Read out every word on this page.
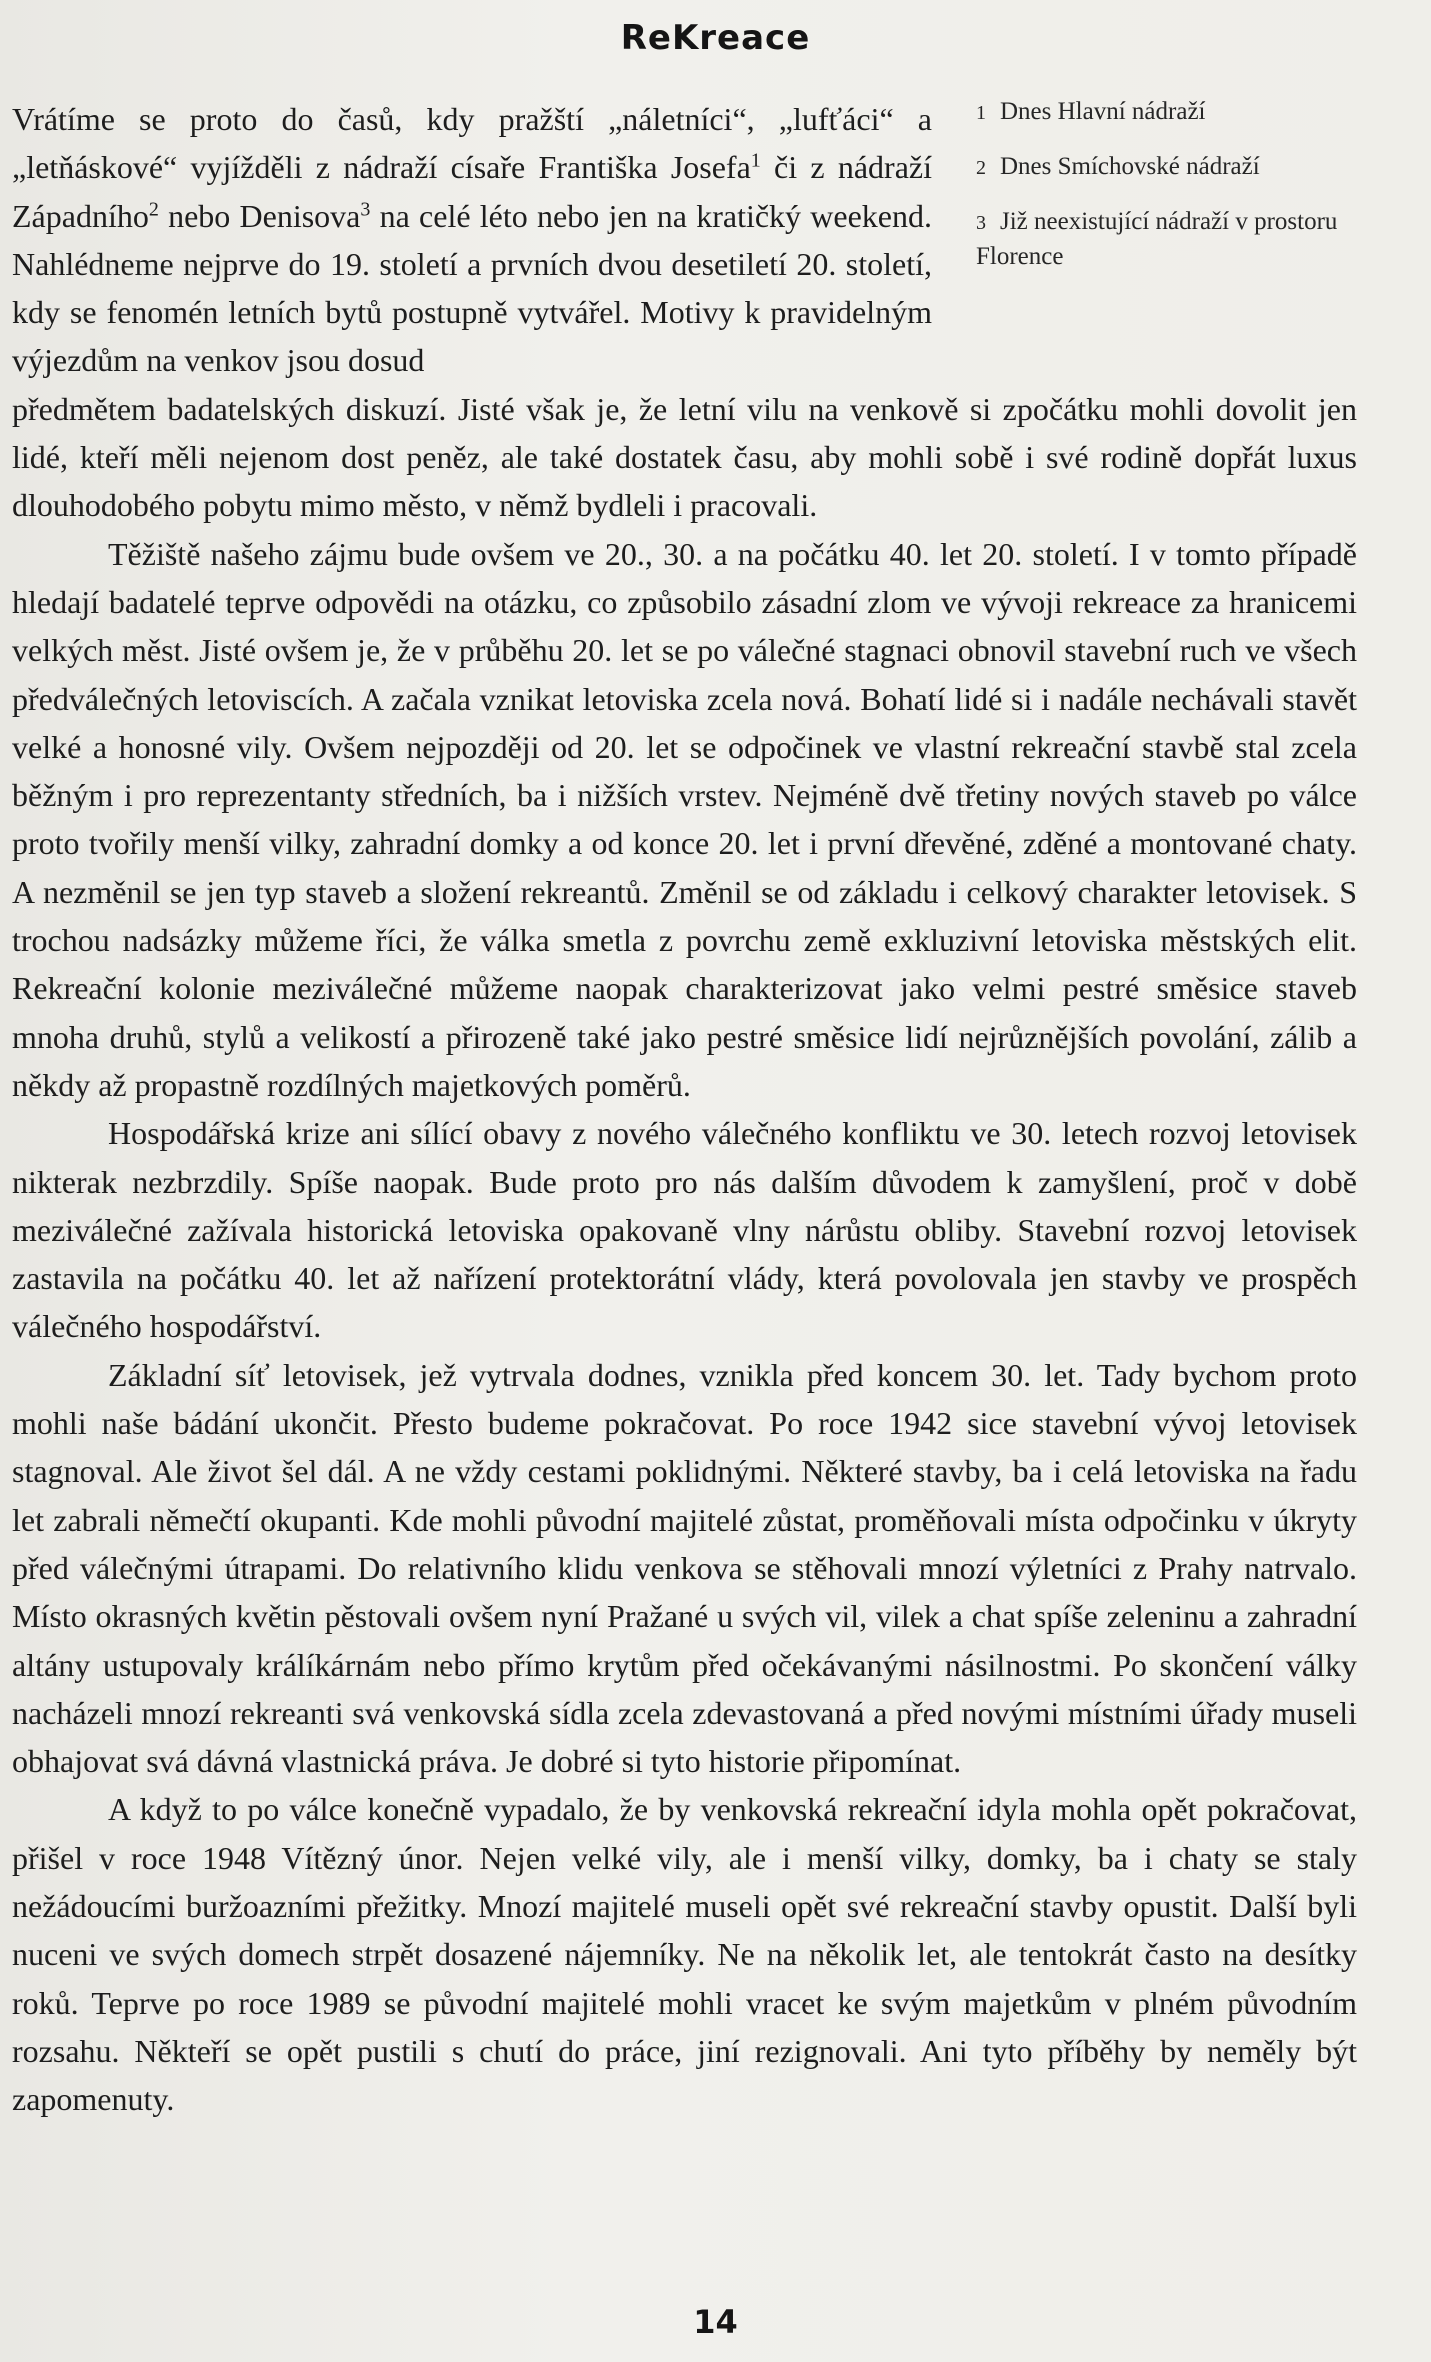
ReKreace

Vrátíme se proto do časů, kdy pražští „náletníci“, „lufťáci“ a „letňáskové“ vyjížděli z nádraží císaře Františka Josefa$^1$ či z nádraží Západního$^2$ nebo Denisova$^3$ na celé léto nebo jen na kratičký weekend. Nahlédneme nejprve do 19. století a prvních dvou desetiletí 20. století, kdy se fenomén letních bytů postupně vytvářel. Motivy k pravidelným výjezdům na venkov jsou dosud

1 Dnes Hlavní nádraží

2 Dnes Smíchovské nádraží

3 Již neexistující nádraží v prostoru Florence

předmětem badatelských diskuzí. Jisté však je, že letní vilu na venkově si zpočátku mohli dovolit jen lidé, kteří měli nejenom dost peněz, ale také dostatek času, aby mohli sobě i své rodině dopřát luxus dlouhodobého pobytu mimo město, v němž bydleli i pracovali.

Těžiště našeho zájmu bude ovšem ve 20., 30. a na počátku 40. let 20. století. I v tomto případě hledají badatelé teprve odpovědi na otázku, co způsobilo zásadní zlom ve vývoji rekreace za hranicemi velkých měst. Jisté ovšem je, že v průběhu 20. let se po válečné stagnaci obnovil stavební ruch ve všech předválečných letoviscích. A začala vznikat letoviska zcela nová. Bohatí lidé si i nadále nechávali stavět velké a honosné vily. Ovšem nejpozději od 20. let se odpočinek ve vlastní rekreační stavbě stal zcela běžným i pro reprezentanty středních, ba i nižších vrstev. Nejméně dvě třetiny nových staveb po válce proto tvořily menší vilky, zahradní domky a od konce 20. let i první dřevěné, zděné a montované chaty. A nezměnil se jen typ staveb a složení rekreantů. Změnil se od základu i celkový charakter letovisek. S trochou nadsázky můžeme říci, že válka smetla z povrchu země exkluzivní letoviska městských elit. Rekreační kolonie meziválečné můžeme naopak charakterizovat jako velmi pestré směsice staveb mnoha druhů, stylů a velikostí a přirozeně také jako pestré směsice lidí nejrůznějších povolání, zálib a někdy až propastně rozdílných majetkových poměrů.

Hospodářská krize ani sílící obavy z nového válečného konfliktu ve 30. letech rozvoj letovisek nikterak nezbrzdily. Spíše naopak. Bude proto pro nás dalším důvodem k zamyšlení, proč v době meziválečné zažívala historická letoviska opakovaně vlny nárůstu obliby. Stavební rozvoj letovisek zastavila na počátku 40. let až nařízení protektorátní vlády, která povolovala jen stavby ve prospěch válečného hospodářství.

Základní síť letovisek, jež vytrvala dodnes, vznikla před koncem 30. let. Tady bychom proto mohli naše bádání ukončit. Přesto budeme pokračovat. Po roce 1942 sice stavební vývoj letovisek stagnoval. Ale život šel dál. A ne vždy cestami poklidnými. Některé stavby, ba i celá letoviska na řadu let zabrali němečtí okupanti. Kde mohli původní majitelé zůstat, proměňovali místa odpočinku v úkryty před válečnými útrapami. Do relativního klidu venkova se stěhovali mnozí výletníci z Prahy natrvalo. Místo okrasných květin pěstovali ovšem nyní Pražané u svých vil, vilek a chat spíše zeleninu a zahradní altány ustupovaly králíkárnám nebo přímo krytům před očekávanými násilnostmi. Po skončení války nacházeli mnozí rekreanti svá venkovská sídla zcela zdevastovaná a před novými místními úřady museli obhajovat svá dávná vlastnická práva. Je dobré si tyto historie připomínat.

A když to po válce konečně vypadalo, že by venkovská rekreační idyla mohla opět pokračovat, přišel v roce 1948 Vítězný únor. Nejen velké vily, ale i menší vilky, domky, ba i chaty se staly nežádoucími buržoazními přežitky. Mnozí majitelé museli opět své rekreační stavby opustit. Další byli nuceni ve svých domech strpět dosazené nájemníky. Ne na několik let, ale tentokrát často na desítky roků. Teprve po roce 1989 se původní majitelé mohli vracet ke svým majetkům v plném původním rozsahu. Někteří se opět pustili s chutí do práce, jiní rezignovali. Ani tyto příběhy by neměly být zapomenuty.

14
